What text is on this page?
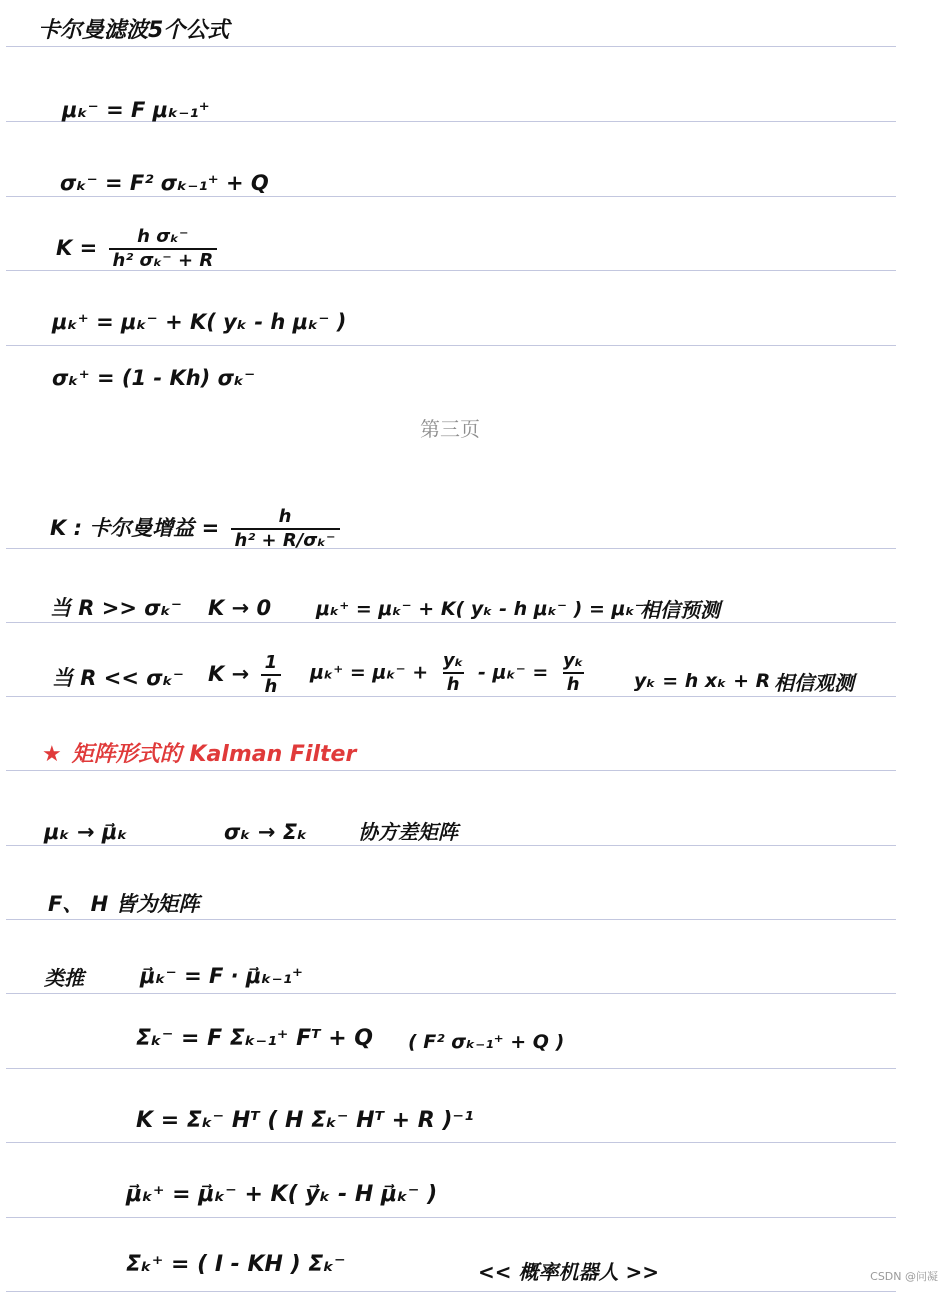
卡尔曼滤波5个公式
μₖ⁻ = F μₖ₋₁⁺
σₖ⁻ = F² σₖ₋₁⁺ + Q
$K = \frac{\text{h σₖ⁻}}{\text{h² σₖ⁻ + R}}$
μₖ⁺ = μₖ⁻ + K( yₖ - h μₖ⁻ )
σₖ⁺ = (1 - Kh) σₖ⁻
第三页
K : 卡尔曼增益 = $\frac{h}{\text{h² + R/σₖ⁻}}$
当 R >> σₖ⁻ K → 0 μₖ⁺ = μₖ⁻ + K( yₖ - h μₖ⁻ ) = μₖ⁻
相信预测
当 R << σₖ⁻ $K \to \frac{1}{h} \mu_k^+ = \mu_k^- + \frac{\text{yₖ}}{h} - \mu_k^- = \frac{\text{yₖ}}{h}$ yₖ = h xₖ + R 相信观测
★ 矩阵形式的 Kalman Filter
μₖ → μ⃗ₖ	σₖ → Σₖ	协方差矩阵
F、 H 皆为矩阵
类推	μ⃗ₖ⁻ = F · μ⃗ₖ₋₁⁺
Σₖ⁻ = F Σₖ₋₁⁺ Fᵀ + Q ( F² σₖ₋₁⁺ + Q )
K = Σₖ⁻ Hᵀ ( H Σₖ⁻ Hᵀ + R )⁻¹
μ⃗ₖ⁺ = μ⃗ₖ⁻ + K( y⃗ₖ - H μ⃗ₖ⁻ )
Σₖ⁺ = ( I - KH ) Σₖ⁻	<< 概率机器人 >>	CSDN @问凝
